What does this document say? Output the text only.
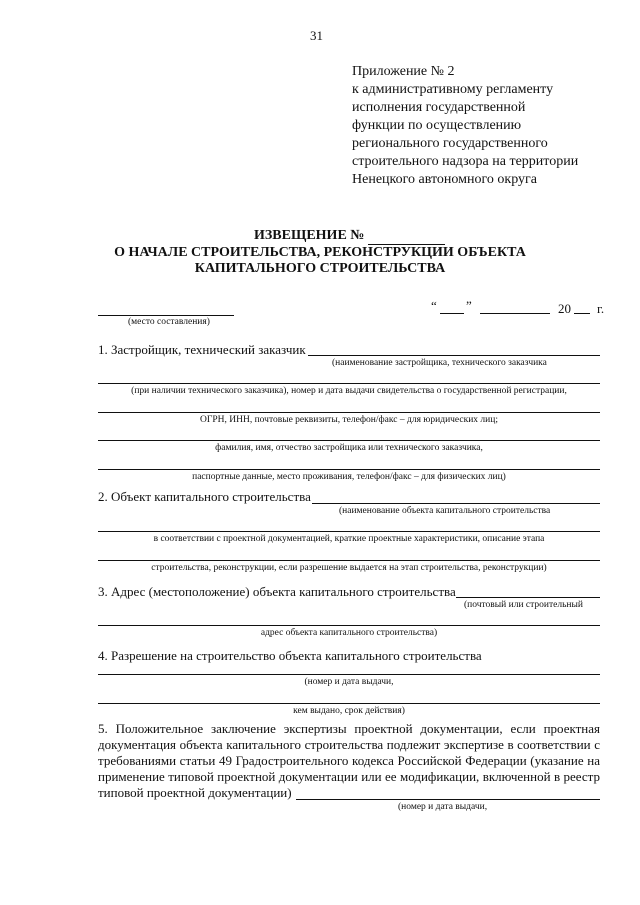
31
Приложение № 2
к административному регламенту
исполнения государственной
функции по осуществлению
регионального государственного
строительного надзора на территории
Ненецкого автономного округа
ИЗВЕЩЕНИЕ №
О НАЧАЛЕ СТРОИТЕЛЬСТВА, РЕКОНСТРУКЦИИ ОБЪЕКТА
КАПИТАЛЬНОГО СТРОИТЕЛЬСТВА
(место составления)
“ ”	20 г.
1. Застройщик, технический заказчик
(наименование застройщика, технического заказчика
(при наличии технического заказчика), номер и дата выдачи свидетельства о государственной регистрации,
ОГРН, ИНН, почтовые реквизиты, телефон/факс – для юридических лиц;
фамилия, имя, отчество застройщика или технического заказчика,
паспортные данные, место проживания, телефон/факс – для физических лиц)
2. Объект капитального строительства
(наименование объекта капитального строительства
в соответствии с проектной документацией, краткие проектные характеристики, описание этапа
строительства, реконструкции, если разрешение выдается на этап строительства, реконструкции)
3. Адрес (местоположение) объекта капитального строительства
(почтовый или строительный
адрес объекта капитального строительства)
4. Разрешение на строительство объекта капитального строительства
(номер и дата выдачи,
кем выдано, срок действия)
5. Положительное заключение экспертизы проектной документации, если проектная
документация объекта капитального строительства подлежит экспертизе в соответствии с
требованиями статьи 49 Градостроительного кодекса Российской Федерации (указание на
применение типовой проектной документации или ее модификации, включенной в реестр
типовой проектной документации)
(номер и дата выдачи,
